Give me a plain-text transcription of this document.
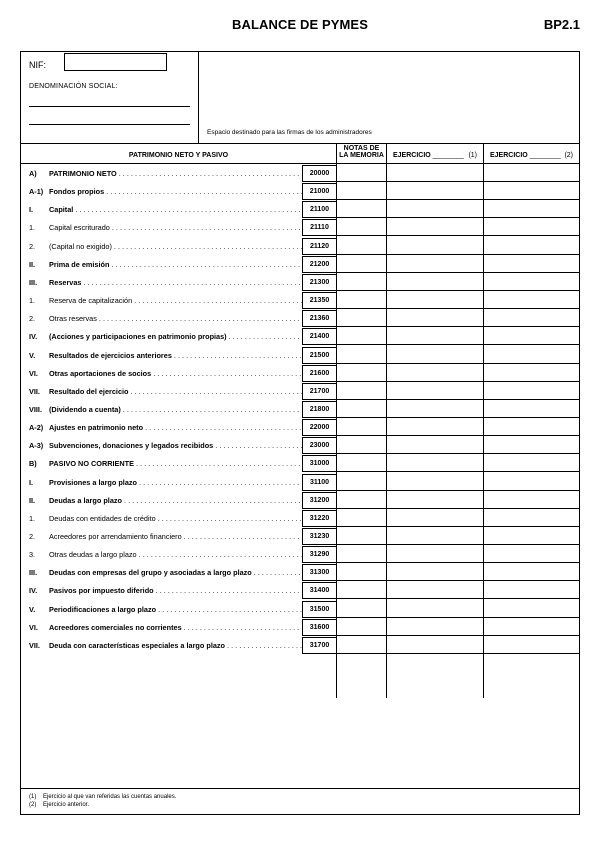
BALANCE DE PYMES	BP2.1
NIF:
DENOMINACIÓN SOCIAL:
Espacio destinado para las firmas de los administradores
PATRIMONIO NETO Y PASIVO
NOTAS DE
LA MEMORIA	EJERCICIO ________ (1)	EJERCICIO ________ (2)
A) PATRIMONIO NETO . . .	20000
A-1) Fondos propios . . .	21000
I. Capital . . .	21100
1. Capital escriturado . . .	21110
2. (Capital no exigido) . . .	21120
II. Prima de emisión . . .	21200
III. Reservas . . .	21300
1. Reserva de capitalización . . .	21350
2. Otras reservas . . .	21360
IV. (Acciones y participaciones en patrimonio propias) . . .	21400
V. Resultados de ejercicios anteriores . . .	21500
VI. Otras aportaciones de socios . . .	21600
VII. Resultado del ejercicio . . .	21700
VIII. (Dividendo a cuenta) . . .	21800
A-2) Ajustes en patrimonio neto . . .	22000
A-3) Subvenciones, donaciones y legados recibidos . . .	23000
B) PASIVO NO CORRIENTE . . .	31000
I. Provisiones a largo plazo . . .	31100
II. Deudas a largo plazo . . .	31200
1. Deudas con entidades de crédito . . .	31220
2. Acreedores por arrendamiento financiero . . .	31230
3. Otras deudas a largo plazo . . .	31290
III. Deudas con empresas del grupo y asociadas a largo plazo . . .	31300
IV. Pasivos por impuesto diferido . . .	31400
V. Periodificaciones a largo plazo . . .	31500
VI. Acreedores comerciales no corrientes . . .	31600
VII. Deuda con características especiales a largo plazo . . .	31700
(1) Ejercicio al que van referidas las cuentas anuales.
(2) Ejercicio anterior.
